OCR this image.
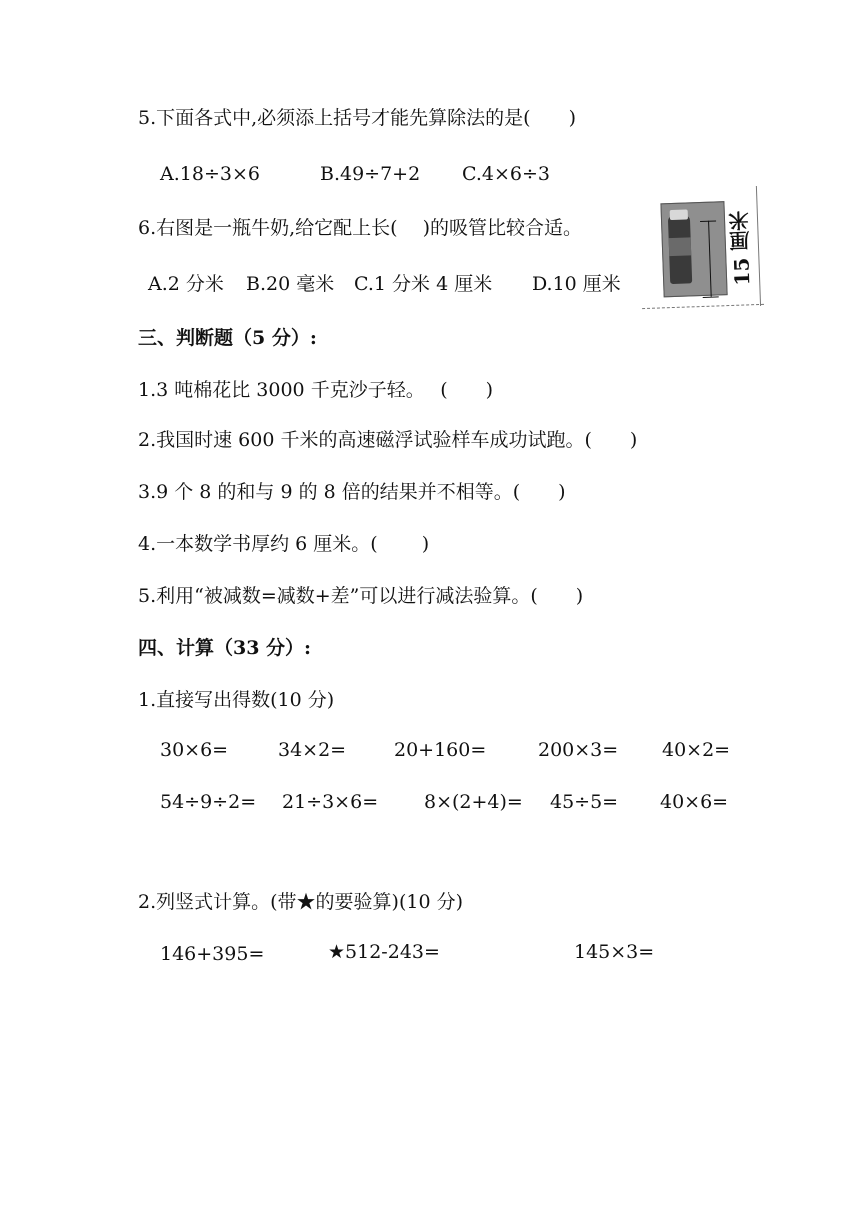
5.下面各式中,必须添上括号才能先算除法的是(　　)
A.18÷3×6	B.49÷7+2 C.4×6÷3
6.右图是一瓶牛奶,给它配上长(　 )的吸管比较合适。
A.2 分米 B.20 毫米 C.1 分米 4 厘米 D.10 厘米	15 厘米
三、判断题（5 分）:
1.3 吨棉花比 3000 千克沙子轻。　 (　　)
2.我国时速 600 千米的高速磁浮试验样车成功试跑。(　　)
3.9 个 8 的和与 9 的 8 倍的结果并不相等。(　　)
4.一本数学书厚约 6 厘米。(　　 )
5.利用“被减数=减数+差”可以进行减法验算。(　　)
四、计算（33 分）:
1.直接写出得数(10 分)
30×6=	34×2=	20+160=	200×3= 40×2=
54÷9÷2= 21÷3×6= 8×(2+4)= 45÷5= 40×6=
2.列竖式计算。(带★的要验算)(10 分)
146+395=	★512-243=	145×3=
